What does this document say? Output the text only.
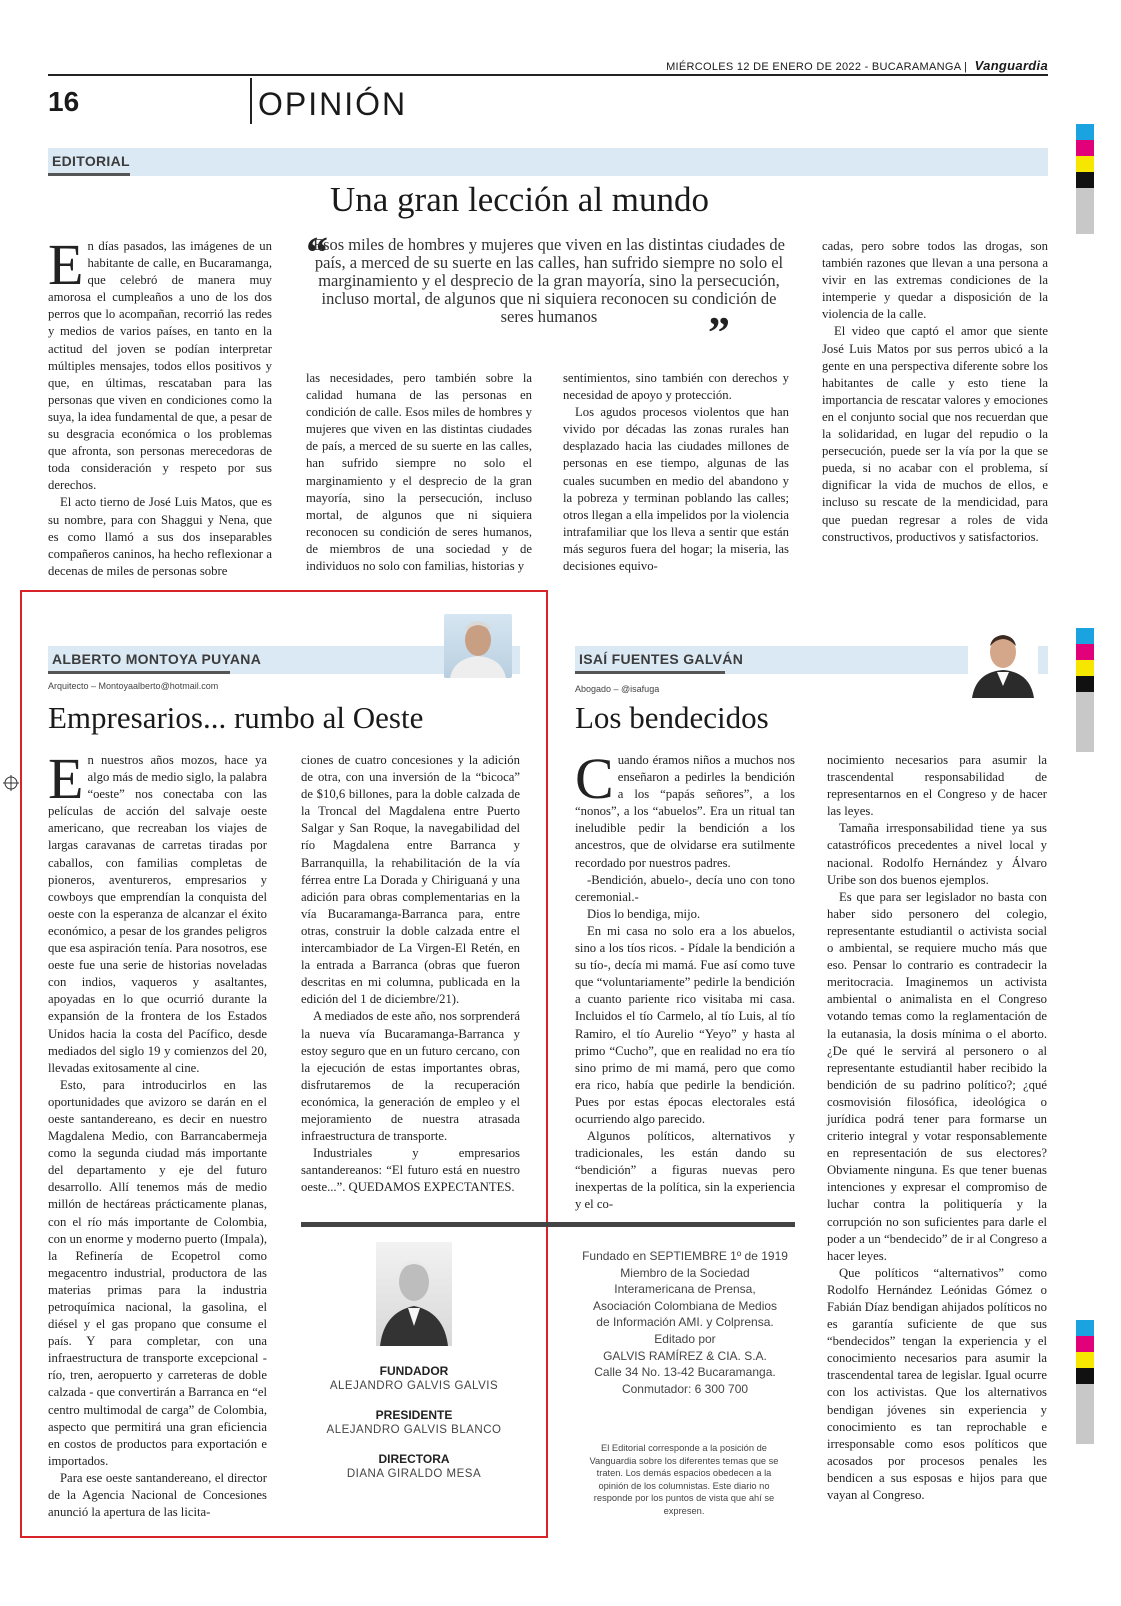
MIÉRCOLES 12 DE ENERO DE 2022 - BUCARAMANGA | Vanguardia
16	OPINIÓN
EDITORIAL
Una gran lección al mundo
“
Esos miles de hombres y mujeres que viven en las distintas ciudades de país, a merced de su suerte en las calles, han sufrido siempre no solo el marginamiento y el desprecio de la gran mayoría, sino la persecución, incluso mortal, de algunos que ni siquiera reconocen su condición de seres humanos	”
E n días pasados, las imágenes de un habitante de calle, en Bucaramanga, que celebró de manera muy amorosa el cumpleaños a uno de los dos perros que lo acompañan, recorrió las redes y medios de varios países, en tanto en la actitud del joven se podían interpretar múltiples mensajes, todos ellos positivos y que, en últimas, rescataban para las personas que viven en condiciones como la suya, la idea fundamental de que, a pesar de su desgracia económica o los problemas que afronta, son personas merecedoras de toda consideración y respeto por sus derechos.

El acto tierno de José Luis Matos, que es su nombre, para con Shaggui y Nena, que es como llamó a sus dos inseparables compañeros caninos, ha hecho reflexionar a decenas de miles de personas sobre

las necesidades, pero también sobre la calidad humana de las personas en condición de calle. Esos miles de hombres y mujeres que viven en las distintas ciudades de país, a merced de su suerte en las calles, han sufrido siempre no solo el marginamiento y el desprecio de la gran mayoría, sino la persecución, incluso mortal, de algunos que ni siquiera reconocen su condición de seres humanos, de miembros de una sociedad y de individuos no solo con familias, historias y

sentimientos, sino también con derechos y necesidad de apoyo y protección.

Los agudos procesos violentos que han vivido por décadas las zonas rurales han desplazado hacia las ciudades millones de personas en ese tiempo, algunas de las cuales sucumben en medio del abandono y la pobreza y terminan poblando las calles; otros llegan a ella impelidos por la violencia intrafamiliar que los lleva a sentir que están más seguros fuera del hogar; la miseria, las decisiones equivo-

cadas, pero sobre todos las drogas, son también razones que llevan a una persona a vivir en las extremas condiciones de la intemperie y quedar a disposición de la violencia de la calle.

El video que captó el amor que siente José Luis Matos por sus perros ubicó a la gente en una perspectiva diferente sobre los habitantes de calle y esto tiene la importancia de rescatar valores y emociones en el conjunto social que nos recuerdan que la solidaridad, en lugar del repudio o la persecución, puede ser la vía por la que se pueda, si no acabar con el problema, sí dignificar la vida de muchos de ellos, e incluso su rescate de la mendicidad, para que puedan regresar a roles de vida constructivos, productivos y satisfactorios.

ALBERTO MONTOYA PUYANA
Arquitecto – Montoyaalberto@hotmail.com
Empresarios... rumbo al Oeste
E n nuestros años mozos, hace ya algo más de medio siglo, la palabra “oeste” nos conectaba con las películas de acción del salvaje oeste americano, que recreaban los viajes de largas caravanas de carretas tiradas por caballos, con familias completas de pioneros, aventureros, empresarios y cowboys que emprendían la conquista del oeste con la esperanza de alcanzar el éxito económico, a pesar de los grandes peligros que esa aspiración tenía. Para nosotros, ese oeste fue una serie de historias noveladas con indios, vaqueros y asaltantes, apoyadas en lo que ocurrió durante la expansión de la frontera de los Estados Unidos hacia la costa del Pacífico, desde mediados del siglo 19 y comienzos del 20, llevadas exitosamente al cine.

Esto, para introducirlos en las oportunidades que avizoro se darán en el oeste santandereano, es decir en nuestro Magdalena Medio, con Barrancabermeja como la segunda ciudad más importante del departamento y eje del futuro desarrollo. Allí tenemos más de medio millón de hectáreas prácticamente planas, con el río más importante de Colombia, con un enorme y moderno puerto (Impala), la Refinería de Ecopetrol como megacentro industrial, productora de las materias primas para la industria petroquímica nacional, la gasolina, el diésel y el gas propano que consume el país. Y para completar, con una infraestructura de transporte excepcional - río, tren, aeropuerto y carreteras de doble calzada - que convertirán a Barranca en “el centro multimodal de carga” de Colombia, aspecto que permitirá una gran eficiencia en costos de productos para exportación e importados.

Para ese oeste santandereano, el director de la Agencia Nacional de Concesiones anunció la apertura de las licita-

ciones de cuatro concesiones y la adición de otra, con una inversión de la “bicoca” de $10,6 billones, para la doble calzada de la Troncal del Magdalena entre Puerto Salgar y San Roque, la navegabilidad del río Magdalena entre Barranca y Barranquilla, la rehabilitación de la vía férrea entre La Dorada y Chiriguaná y una adición para obras complementarias en la vía Bucaramanga-Barranca para, entre otras, construir la doble calzada entre el intercambiador de La Virgen-El Retén, en la entrada a Barranca (obras que fueron descritas en mi columna, publicada en la edición del 1 de diciembre/21).

A mediados de este año, nos sorprenderá la nueva vía Bucaramanga-Barranca y estoy seguro que en un futuro cercano, con la ejecución de estas importantes obras, disfrutaremos de la recuperación económica, la generación de empleo y el mejoramiento de nuestra atrasada infraestructura de transporte.

Industriales y empresarios santandereanos: “El futuro está en nuestro oeste...”. QUEDAMOS EXPECTANTES.

FUNDADOR
ALEJANDRO GALVIS GALVIS
PRESIDENTE
ALEJANDRO GALVIS BLANCO
DIRECTORA
DIANA GIRALDO MESA
ISAÍ FUENTES GALVÁN
Abogado – @isafuga
Los bendecidos
C uando éramos niños a muchos nos enseñaron a pedirles la bendición a los “papás señores”, a los “nonos”, a los “abuelos”. Era un ritual tan ineludible pedir la bendición a los ancestros, que de olvidarse era sutilmente recordado por nuestros padres.

-Bendición, abuelo-, decía uno con tono ceremonial.-

Dios lo bendiga, mijo.

En mi casa no solo era a los abuelos, sino a los tíos ricos. - Pídale la bendición a su tío-, decía mi mamá. Fue así como tuve que “voluntariamente” pedirle la bendición a cuanto pariente rico visitaba mi casa. Incluidos el tío Carmelo, al tío Luis, al tío Ramiro, el tío Aurelio “Yeyo” y hasta al primo “Cucho”, que en realidad no era tío sino primo de mi mamá, pero que como era rico, había que pedirle la bendición. Pues por estas épocas electorales está ocurriendo algo parecido.

Algunos políticos, alternativos y tradicionales, les están dando su “bendición” a figuras nuevas pero inexpertas de la política, sin la experiencia y el co-

nocimiento necesarios para asumir la trascendental responsabilidad de representarnos en el Congreso y de hacer las leyes.

Tamaña irresponsabilidad tiene ya sus catastróficos precedentes a nivel local y nacional. Rodolfo Hernández y Álvaro Uribe son dos buenos ejemplos.

Es que para ser legislador no basta con haber sido personero del colegio, representante estudiantil o activista social o ambiental, se requiere mucho más que eso. Pensar lo contrario es contradecir la meritocracia. Imaginemos un activista ambiental o animalista en el Congreso votando temas como la reglamentación de la eutanasia, la dosis mínima o el aborto. ¿De qué le servirá al personero o al representante estudiantil haber recibido la bendición de su padrino político?; ¿qué cosmovisión filosófica, ideológica o jurídica podrá tener para formarse un criterio integral y votar responsablemente en representación de sus electores? Obviamente ninguna. Es que tener buenas intenciones y expresar el compromiso de luchar contra la politiquería y la corrupción no son suficientes para darle el poder a un “bendecido” de ir al Congreso a hacer leyes.

Que políticos “alternativos” como Rodolfo Hernández Leónidas Gómez o Fabián Díaz bendigan ahijados políticos no es garantía suficiente de que sus “bendecidos” tengan la experiencia y el conocimiento necesarios para asumir la trascendental tarea de legislar. Igual ocurre con los activistas. Que los alternativos bendigan jóvenes sin experiencia y conocimiento es tan reprochable e irresponsable como esos políticos que acosados por procesos penales les bendicen a sus esposas e hijos para que vayan al Congreso.

Fundado en SEPTIEMBRE 1º de 1919
Miembro de la Sociedad
Interamericana de Prensa,
Asociación Colombiana de Medios
de Información AMI. y Colprensa.
Editado por
GALVIS RAMÍREZ & CIA. S.A.
Calle 34 No. 13-42 Bucaramanga.
Conmutador: 6 300 700
El Editorial corresponde a la posición de Vanguardia sobre los diferentes temas que se traten. Los demás espacios obedecen a la opinión de los columnistas. Este diario no responde por los puntos de vista que ahí se expresen.
